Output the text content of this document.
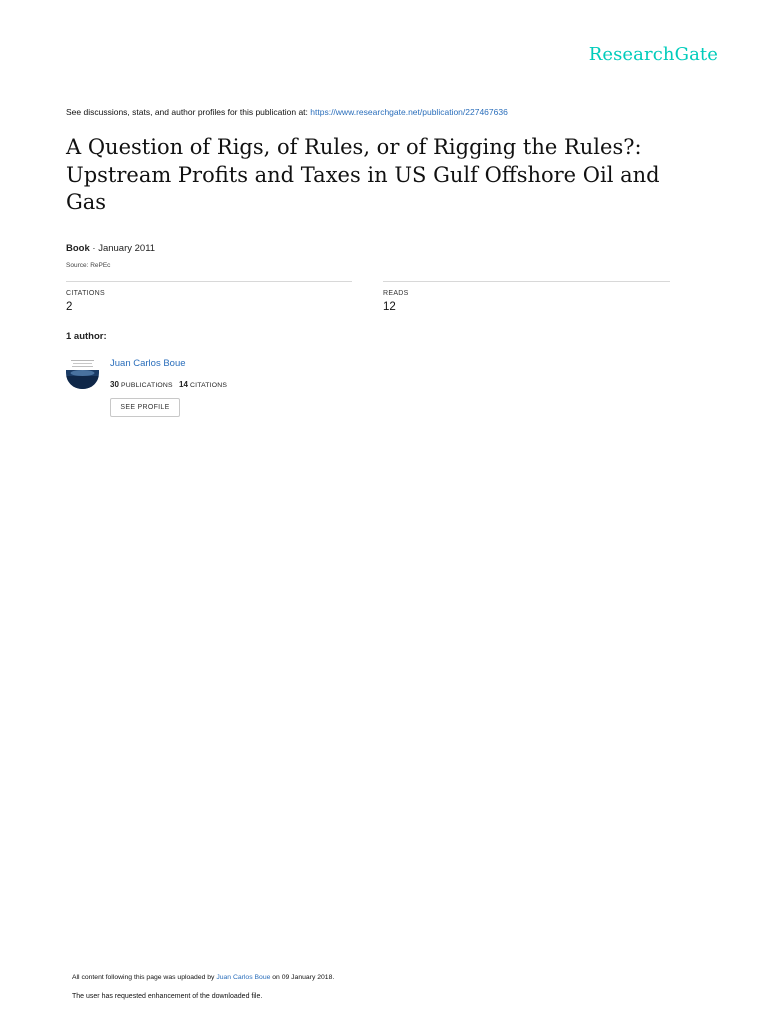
ResearchGate
See discussions, stats, and author profiles for this publication at: https://www.researchgate.net/publication/227467636
A Question of Rigs, of Rules, or of Rigging the Rules?: Upstream Profits and Taxes in US Gulf Offshore Oil and Gas
Book · January 2011
Source: RePEc
CITATIONS
2
READS
12
1 author:
Juan Carlos Boue
30 PUBLICATIONS 14 CITATIONS
SEE PROFILE
All content following this page was uploaded by Juan Carlos Boue on 09 January 2018.
The user has requested enhancement of the downloaded file.
